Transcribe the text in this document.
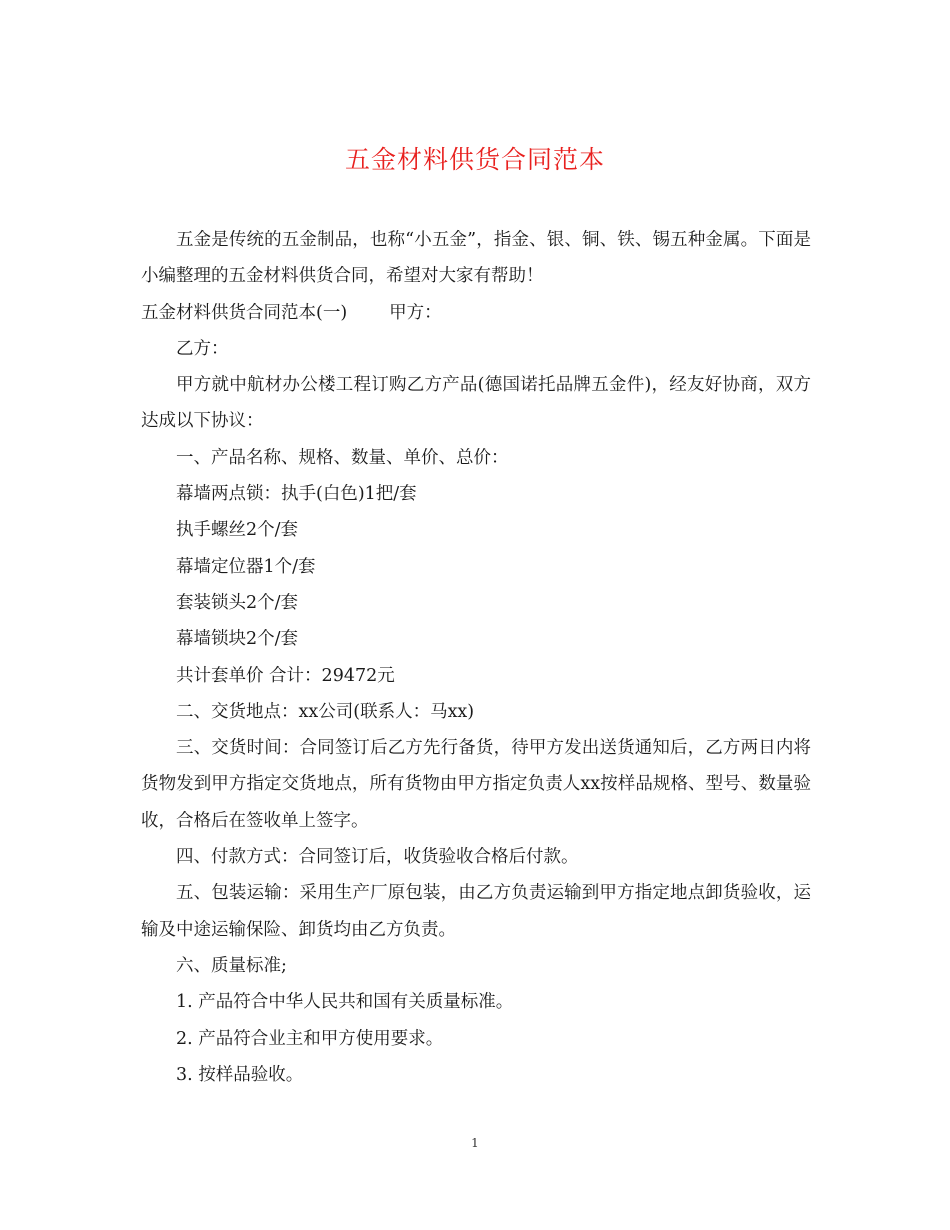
五金材料供货合同范本

五金是传统的五金制品，也称“小五金”，指金、银、铜、铁、锡五种金属。下面是小编整理的五金材料供货合同，希望对大家有帮助！

五金材料供货合同范本(一) 甲方：

乙方：

甲方就中航材办公楼工程订购乙方产品(德国诺托品牌五金件)，经友好协商，双方达成以下协议：

一、产品名称、规格、数量、单价、总价：

幕墙两点锁：执手(白色)1把/套

执手螺丝2个/套

幕墙定位器1个/套

套装锁头2个/套

幕墙锁块2个/套

共计套单价 合计：29472元

二、交货地点：xx公司(联系人：马xx)

三、交货时间：合同签订后乙方先行备货，待甲方发出送货通知后，乙方两日内将货物发到甲方指定交货地点，所有货物由甲方指定负责人xx按样品规格、型号、数量验收，合格后在签收单上签字。

四、付款方式：合同签订后，收货验收合格后付款。

五、包装运输：采用生产厂原包装，由乙方负责运输到甲方指定地点卸货验收，运输及中途运输保险、卸货均由乙方负责。

六、质量标准;

1. 产品符合中华人民共和国有关质量标准。

2. 产品符合业主和甲方使用要求。

3. 按样品验收。

1
